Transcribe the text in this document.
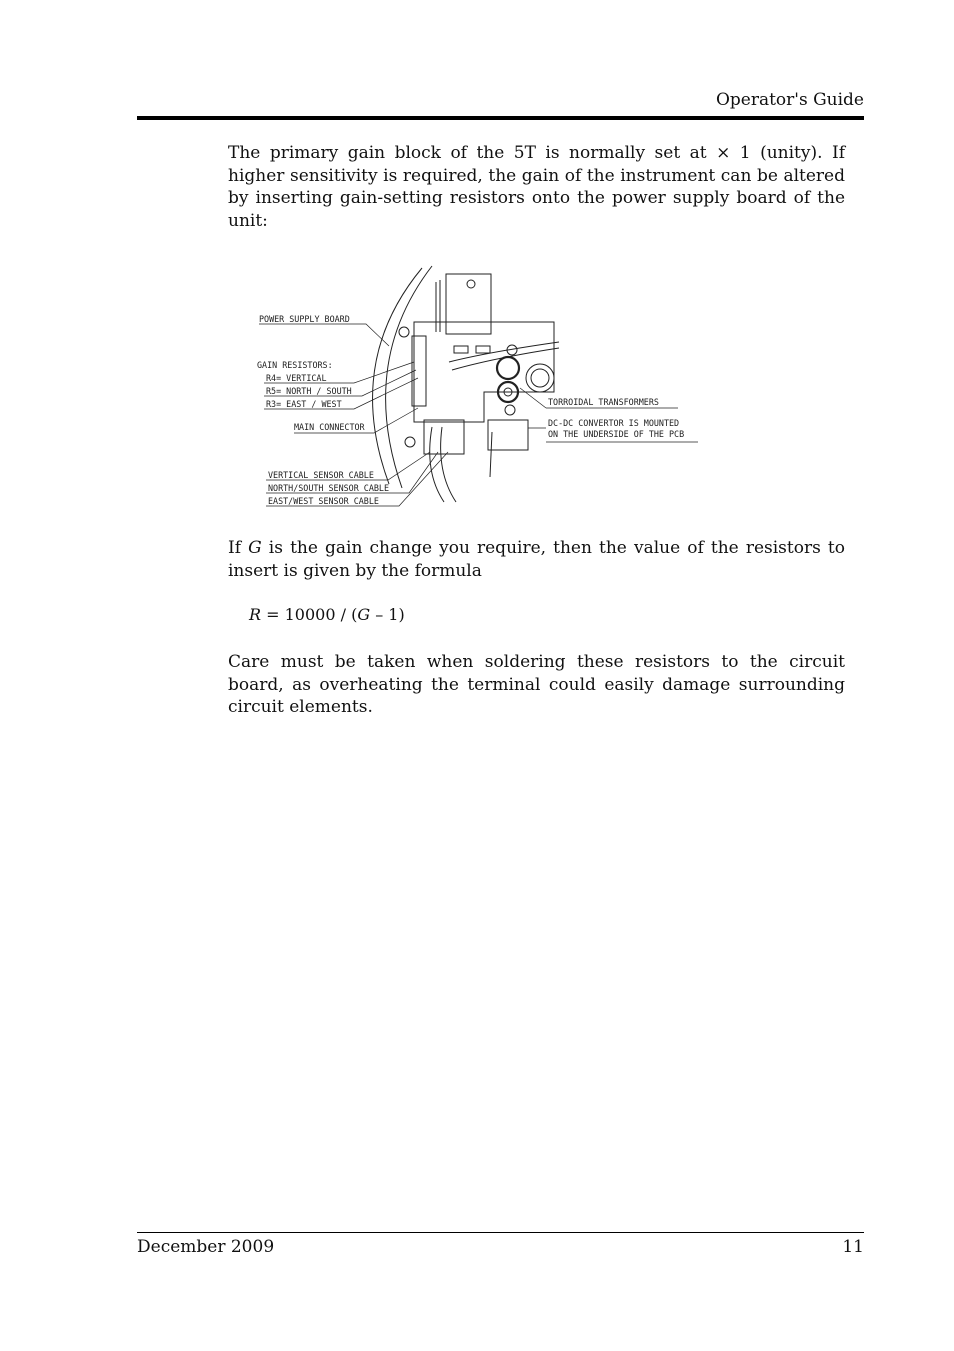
Operator's Guide

The primary gain block of the 5T is normally set at × 1 (unity). If higher sensitivity is required, the gain of the instrument can be altered by inserting gain-setting resistors onto the power supply board of the unit:

POWER SUPPLY BOARD
GAIN RESISTORS:
R4= VERTICAL
R5= NORTH / SOUTH
R3= EAST / WEST
MAIN CONNECTOR
VERTICAL SENSOR CABLE
NORTH/SOUTH SENSOR CABLE
EAST/WEST SENSOR CABLE
TORROIDAL TRANSFORMERS
DC-DC CONVERTOR IS MOUNTED
ON THE UNDERSIDE OF THE PCB

If G is the gain change you require, then the value of the resistors to insert is given by the formula

R = 10000 / (G – 1)

Care must be taken when soldering these resistors to the circuit board, as overheating the terminal could easily damage surrounding circuit elements.

December 2009	11
